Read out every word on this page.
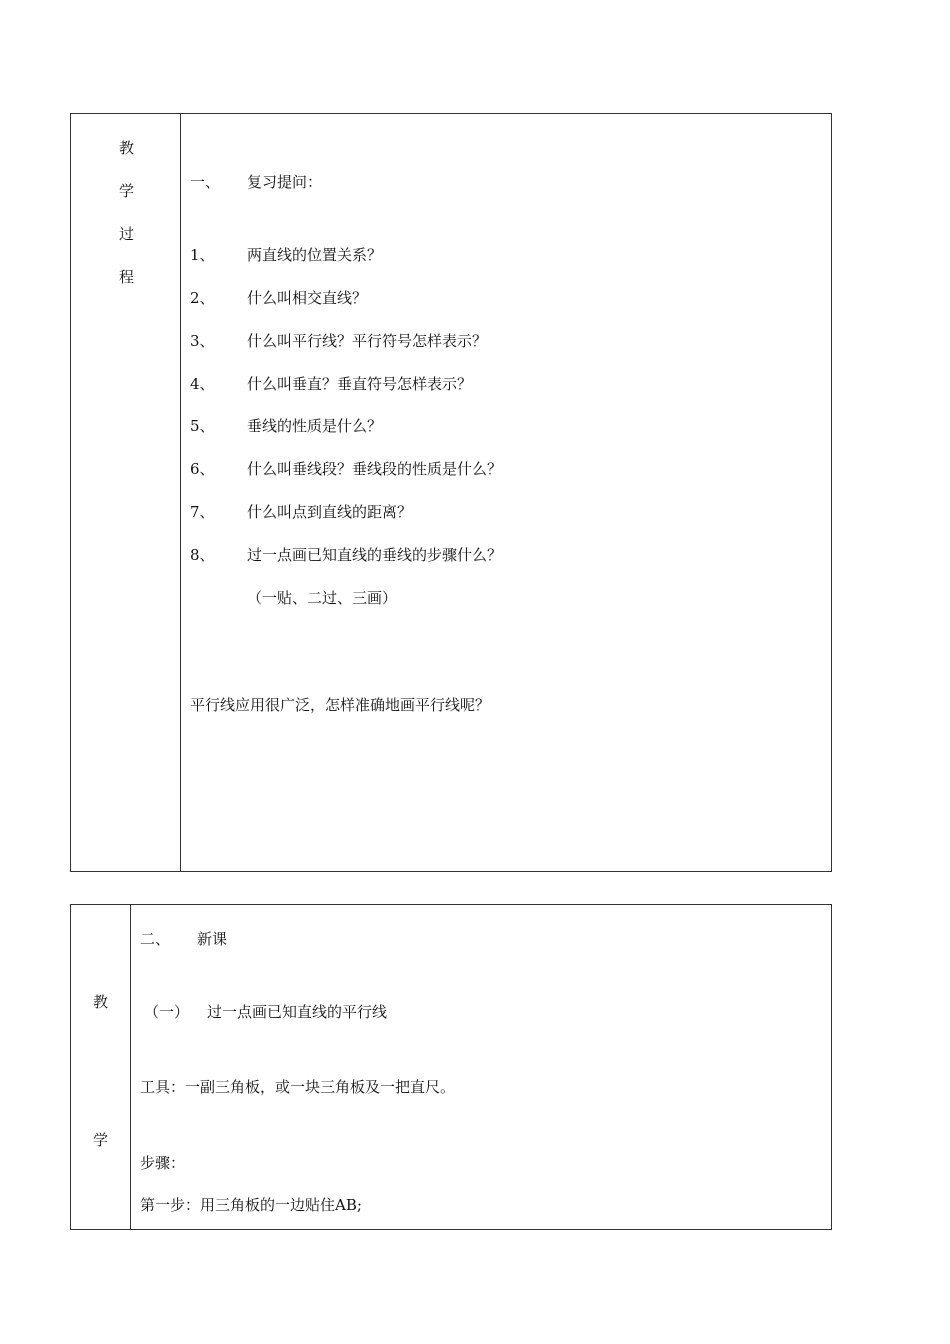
教
学
过
程
一、 复习提问：
1、 两直线的位置关系？
2、 什么叫相交直线？
3、 什么叫平行线？平行符号怎样表示？
4、 什么叫垂直？垂直符号怎样表示？
5、 垂线的性质是什么？
6、 什么叫垂线段？垂线段的性质是什么？
7、 什么叫点到直线的距离？
8、 过一点画已知直线的垂线的步骤什么？
（一贴、二过、三画）
平行线应用很广泛，怎样准确地画平行线呢？
教
学
二、 新课
（一） 过一点画已知直线的平行线
工具：一副三角板，或一块三角板及一把直尺。
步骤：
第一步：用三角板的一边贴住AB;
